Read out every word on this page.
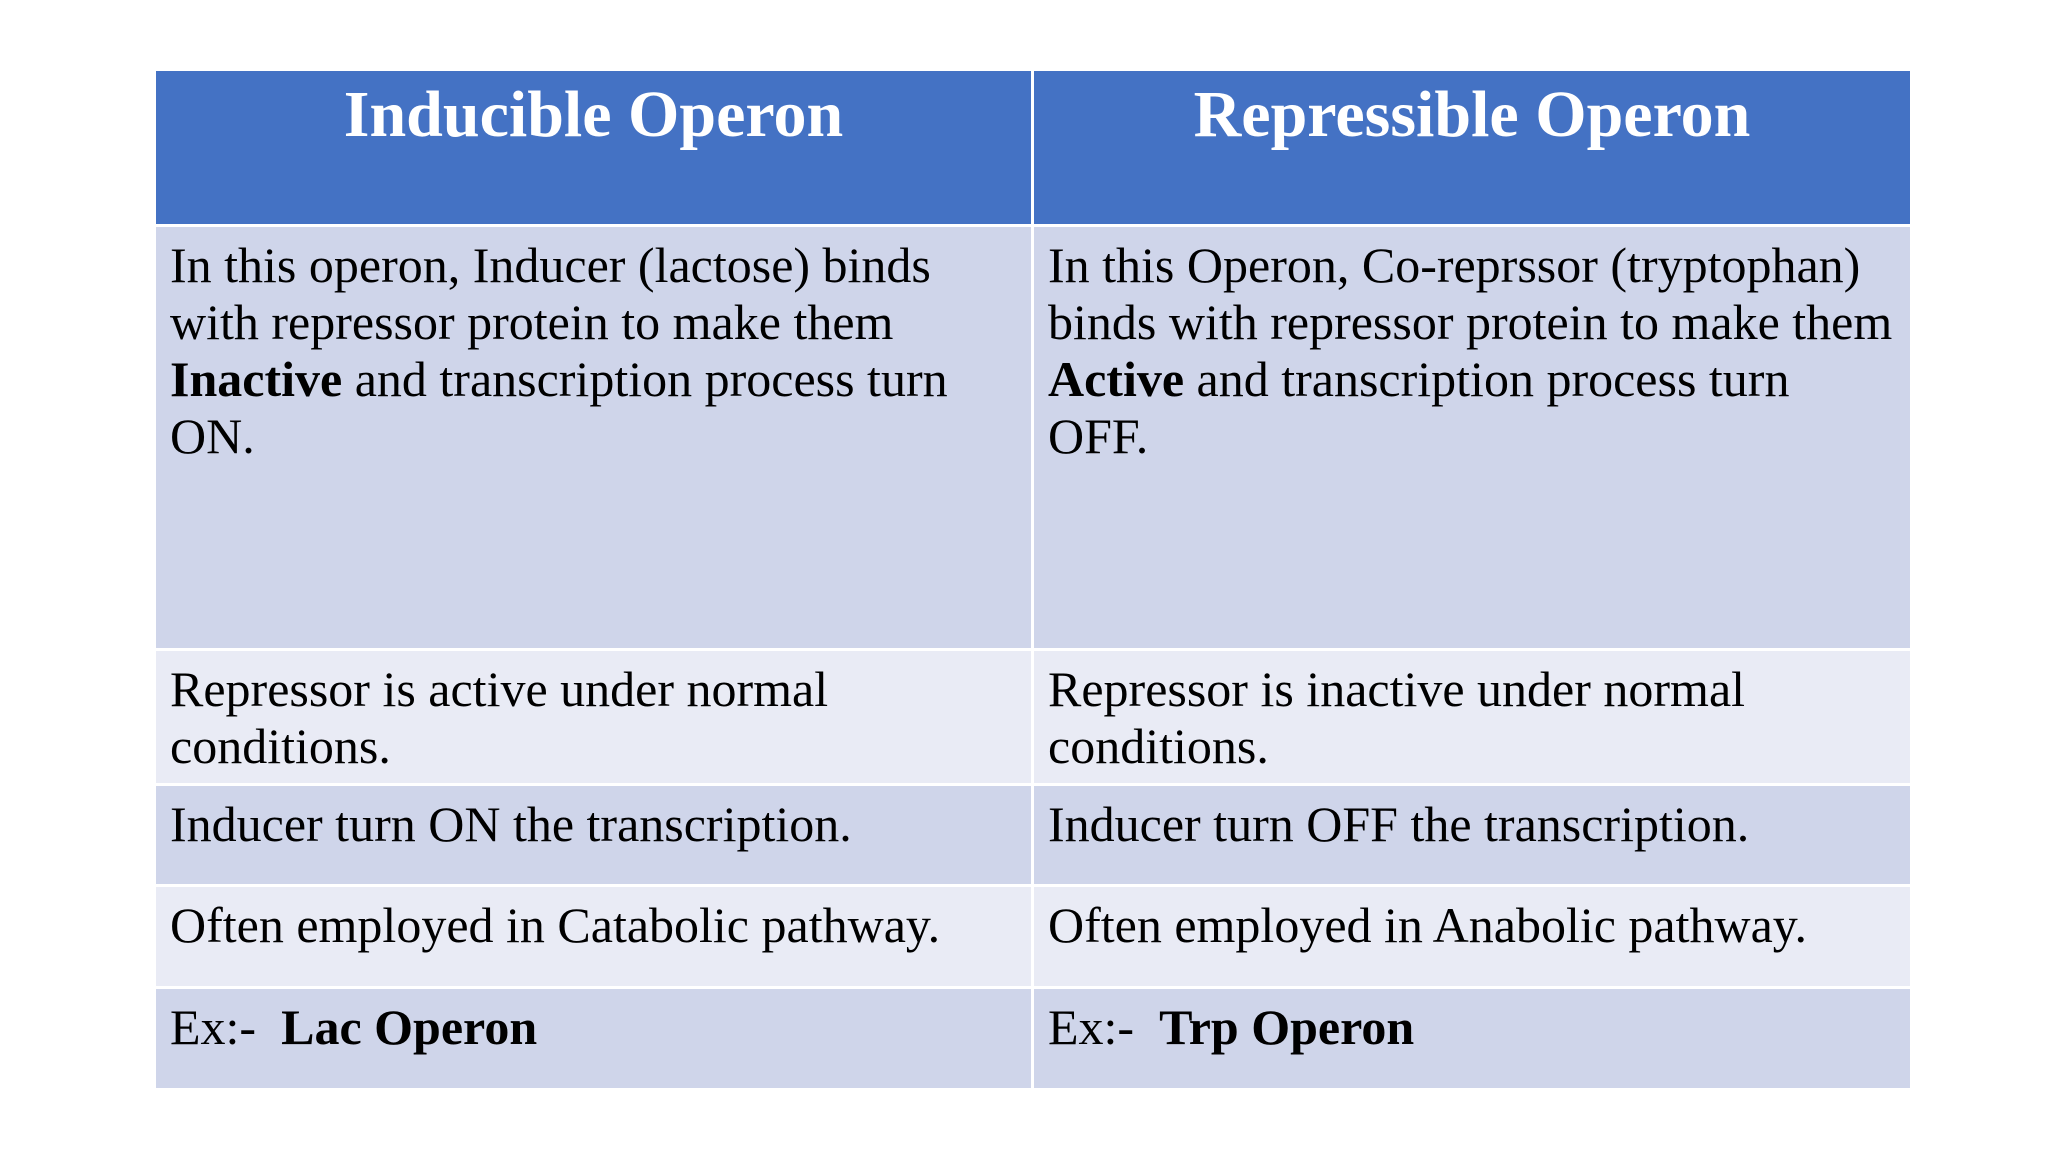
Inducible Operon	Repressible Operon
In this operon, Inducer (lactose) binds with repressor protein to make them Inactive and transcription process turn ON.	In this Operon, Co-reprssor (tryptophan) binds with repressor protein to make them Active and transcription process turn OFF.
Repressor is active under normal conditions.	Repressor is inactive under normal conditions.
Inducer turn ON the transcription.	Inducer turn OFF the transcription.
Often employed in Catabolic pathway.	Often employed in Anabolic pathway.
Ex:- Lac Operon	Ex:- Trp Operon
